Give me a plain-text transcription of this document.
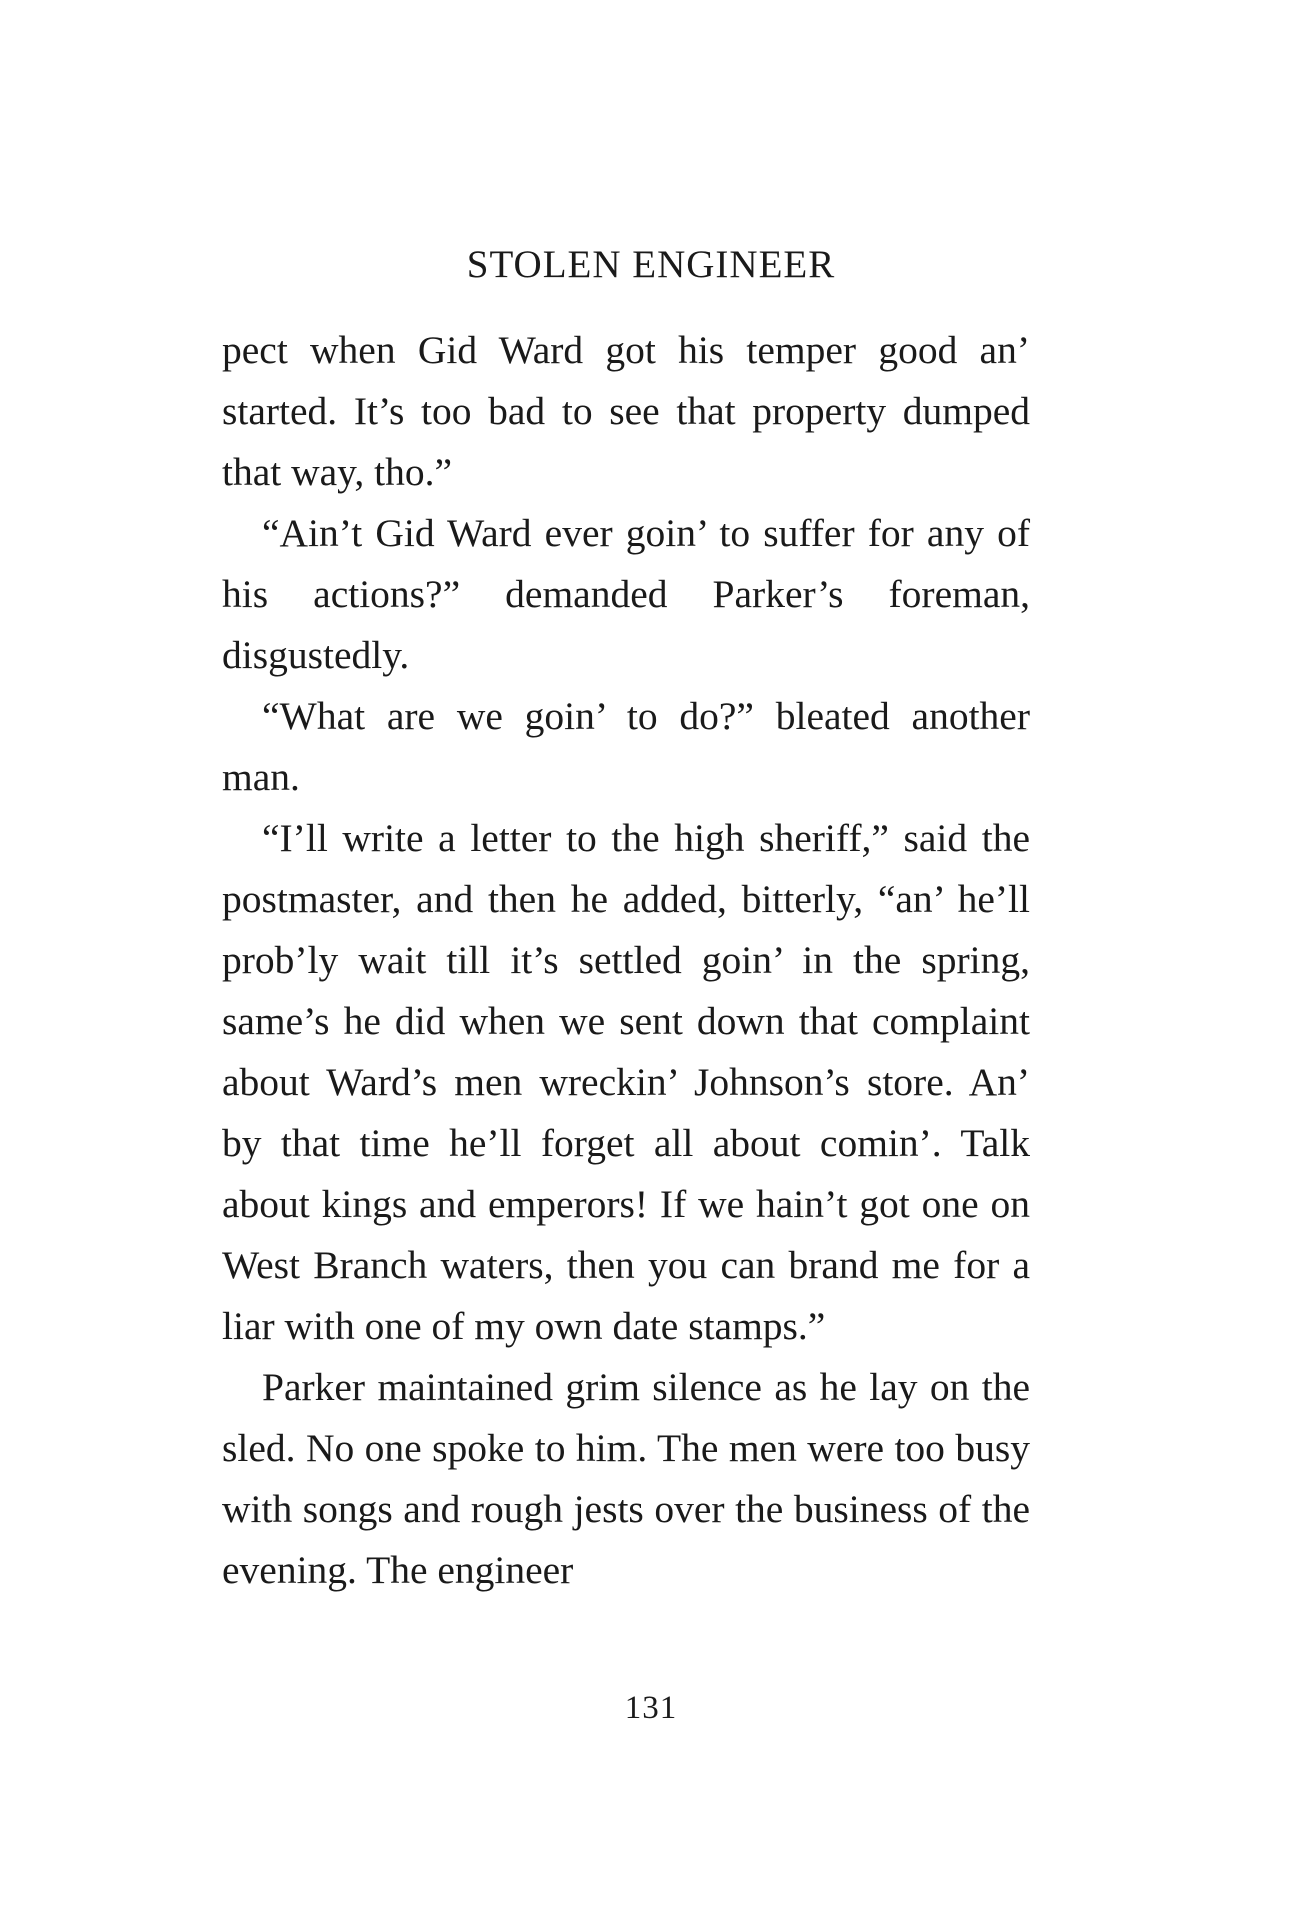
STOLEN ENGINEER

pect when Gid Ward got his temper good an’ started. It’s too bad to see that property dumped that way, tho.”

“Ain’t Gid Ward ever goin’ to suffer for any of his actions?” demanded Parker’s foreman, disgustedly.

“What are we goin’ to do?” bleated another man.

“I’ll write a letter to the high sheriff,” said the postmaster, and then he added, bitterly, “an’ he’ll prob’ly wait till it’s settled goin’ in the spring, same’s he did when we sent down that complaint about Ward’s men wreckin’ Johnson’s store. An’ by that time he’ll forget all about comin’. Talk about kings and emperors! If we hain’t got one on West Branch waters, then you can brand me for a liar with one of my own date stamps.”

Parker maintained grim silence as he lay on the sled. No one spoke to him. The men were too busy with songs and rough jests over the business of the evening. The engineer

131
